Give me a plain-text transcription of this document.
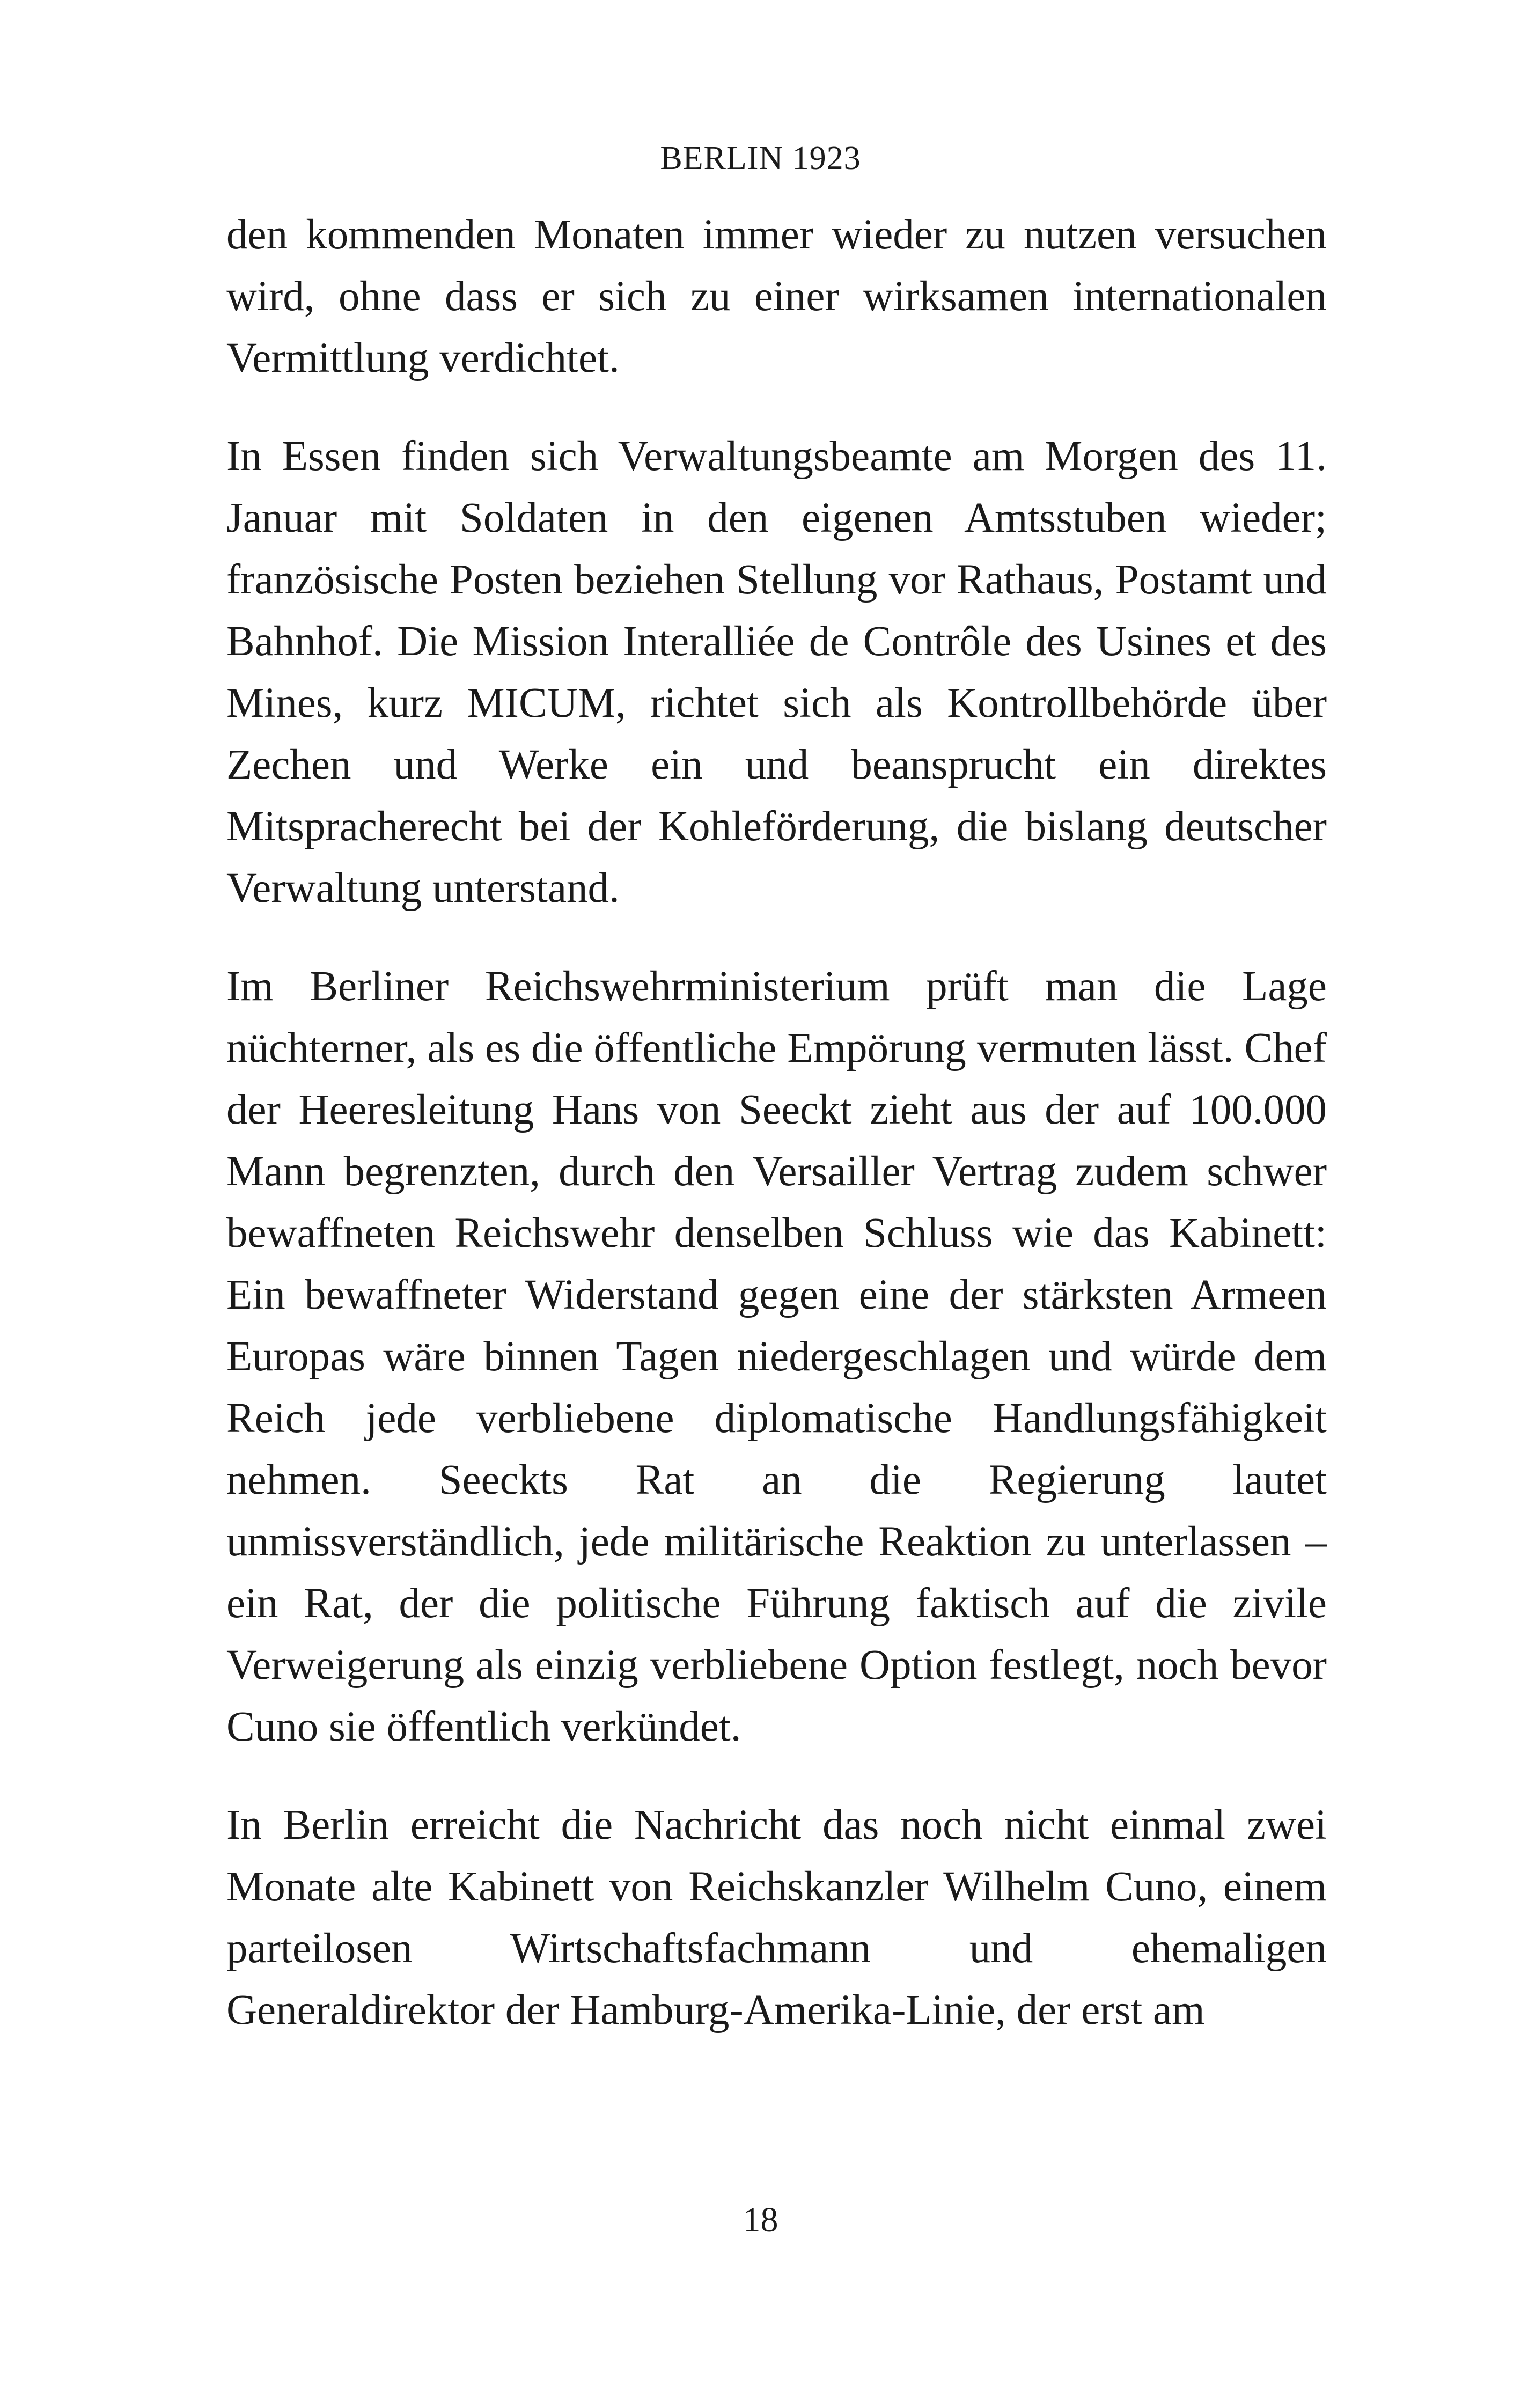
BERLIN 1923

den kommenden Monaten immer wieder zu nutzen versuchen wird, ohne dass er sich zu einer wirksamen internationalen Vermittlung verdichtet.

In Essen finden sich Verwaltungsbeamte am Morgen des 11. Januar mit Soldaten in den eigenen Amtsstuben wieder; französische Posten beziehen Stellung vor Rathaus, Postamt und Bahnhof. Die Mission Interalliée de Contrôle des Usines et des Mines, kurz MICUM, richtet sich als Kontrollbehörde über Zechen und Werke ein und beansprucht ein direktes Mitspracherecht bei der Kohleförderung, die bislang deutscher Verwaltung unterstand.

Im Berliner Reichswehrministerium prüft man die Lage nüchterner, als es die öffentliche Empörung vermuten lässt. Chef der Heeresleitung Hans von Seeckt zieht aus der auf 100.000 Mann begrenzten, durch den Versailler Vertrag zudem schwer bewaffneten Reichswehr denselben Schluss wie das Kabinett: Ein bewaffneter Widerstand gegen eine der stärksten Armeen Europas wäre binnen Tagen niedergeschlagen und würde dem Reich jede verbliebene diplomatische Handlungsfähigkeit nehmen. Seeckts Rat an die Regierung lautet unmissverständlich, jede militärische Reaktion zu unterlassen – ein Rat, der die politische Führung faktisch auf die zivile Verweigerung als einzig verbliebene Option festlegt, noch bevor Cuno sie öffentlich verkündet.

In Berlin erreicht die Nachricht das noch nicht einmal zwei Monate alte Kabinett von Reichskanzler Wilhelm Cuno, einem parteilosen Wirtschaftsfachmann und ehemaligen Generaldirektor der Hamburg-Amerika-Linie, der erst am

18
